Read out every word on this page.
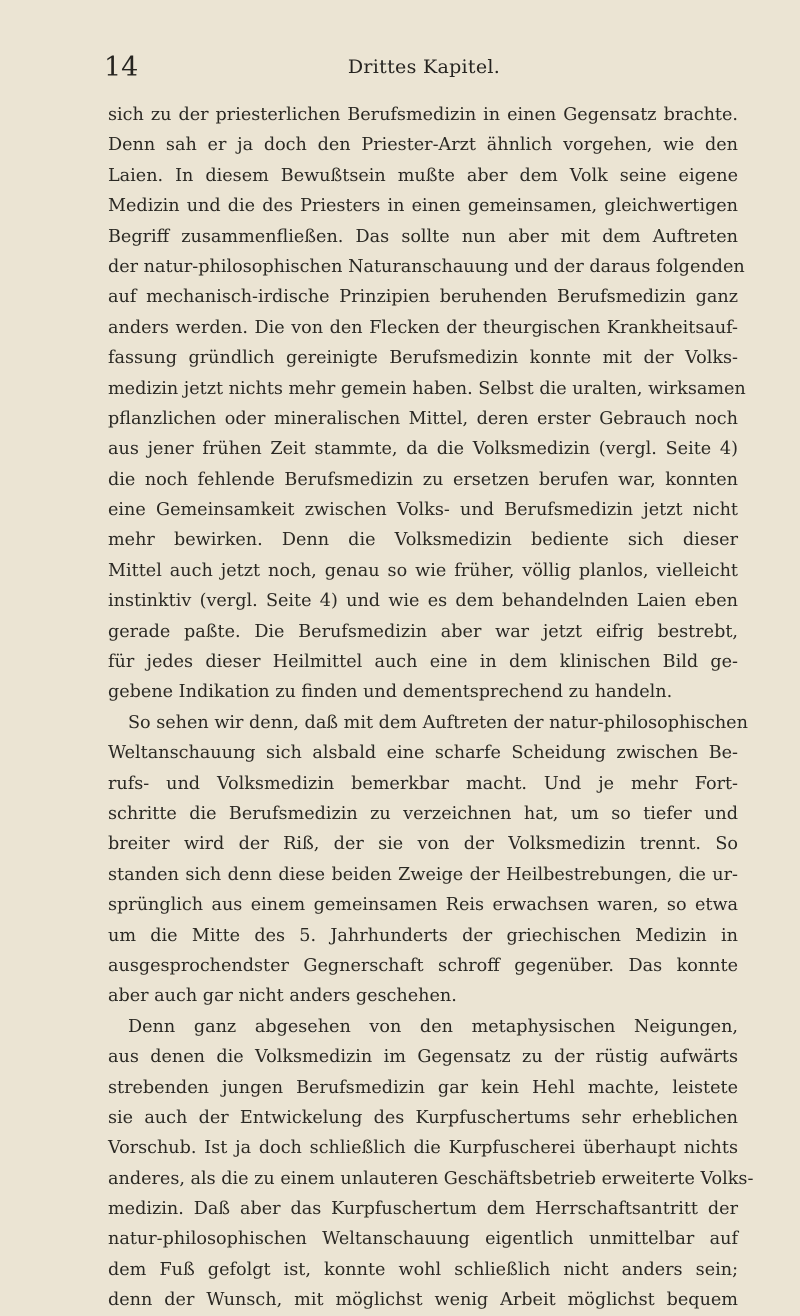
14	Drittes Kapitel.
sich zu der priesterlichen Berufsmedizin in einen Gegensatz brachte.
Denn sah er ja doch den Priester-Arzt ähnlich vorgehen, wie den
Laien. In diesem Bewußtsein mußte aber dem Volk seine eigene
Medizin und die des Priesters in einen gemeinsamen, gleichwertigen
Begriff zusammenfließen. Das sollte nun aber mit dem Auftreten
der natur-philosophischen Naturanschauung und der daraus folgenden
auf mechanisch-irdische Prinzipien beruhenden Berufsmedizin ganz
anders werden. Die von den Flecken der theurgischen Krankheitsauf-
fassung gründlich gereinigte Berufsmedizin konnte mit der Volks-
medizin jetzt nichts mehr gemein haben. Selbst die uralten, wirksamen
pflanzlichen oder mineralischen Mittel, deren erster Gebrauch noch
aus jener frühen Zeit stammte, da die Volksmedizin (vergl. Seite 4)
die noch fehlende Berufsmedizin zu ersetzen berufen war, konnten
eine Gemeinsamkeit zwischen Volks- und Berufsmedizin jetzt nicht
mehr bewirken. Denn die Volksmedizin bediente sich dieser
Mittel auch jetzt noch, genau so wie früher, völlig planlos, vielleicht
instinktiv (vergl. Seite 4) und wie es dem behandelnden Laien eben
gerade paßte. Die Berufsmedizin aber war jetzt eifrig bestrebt,
für jedes dieser Heilmittel auch eine in dem klinischen Bild ge-
gebene Indikation zu finden und dementsprechend zu handeln.
So sehen wir denn, daß mit dem Auftreten der natur-philosophischen
Weltanschauung sich alsbald eine scharfe Scheidung zwischen Be-
rufs- und Volksmedizin bemerkbar macht. Und je mehr Fort-
schritte die Berufsmedizin zu verzeichnen hat, um so tiefer und
breiter wird der Riß, der sie von der Volksmedizin trennt. So
standen sich denn diese beiden Zweige der Heilbestrebungen, die ur-
sprünglich aus einem gemeinsamen Reis erwachsen waren, so etwa
um die Mitte des 5. Jahrhunderts der griechischen Medizin in
ausgesprochendster Gegnerschaft schroff gegenüber. Das konnte
aber auch gar nicht anders geschehen.
Denn ganz abgesehen von den metaphysischen Neigungen,
aus denen die Volksmedizin im Gegensatz zu der rüstig aufwärts
strebenden jungen Berufsmedizin gar kein Hehl machte, leistete
sie auch der Entwickelung des Kurpfuschertums sehr erheblichen
Vorschub. Ist ja doch schließlich die Kurpfuscherei überhaupt nichts
anderes, als die zu einem unlauteren Geschäftsbetrieb erweiterte Volks-
medizin. Daß aber das Kurpfuschertum dem Herrschaftsantritt der
natur-philosophischen Weltanschauung eigentlich unmittelbar auf
dem Fuß gefolgt ist, konnte wohl schließlich nicht anders sein;
denn der Wunsch, mit möglichst wenig Arbeit möglichst bequem
